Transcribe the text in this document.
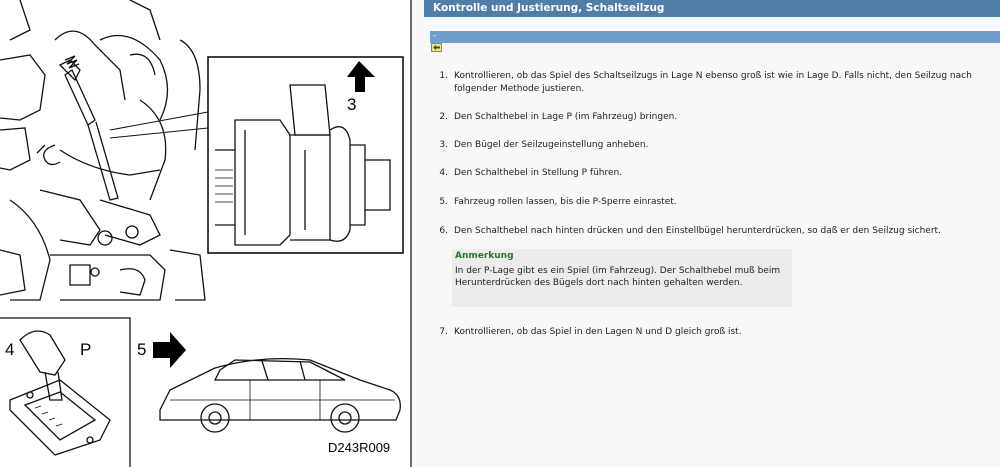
3
4	P	5
D243R009
Kontrolle und Justierung, Schaltseilzug
-
1. Kontrollieren, ob das Spiel des Schaltseilzugs in Lage N ebenso groß ist wie in Lage D. Falls nicht, den Seilzug nach folgender Methode justieren.
2. Den Schalthebel in Lage P (im Fahrzeug) bringen.
3. Den Bügel der Seilzugeinstellung anheben.
4. Den Schalthebel in Stellung P führen.
5. Fahrzeug rollen lassen, bis die P-Sperre einrastet.
6. Den Schalthebel nach hinten drücken und den Einstellbügel herunterdrücken, so daß er den Seilzug sichert.
Anmerkung
In der P-Lage gibt es ein Spiel (im Fahrzeug). Der Schalthebel muß beim Herunterdrücken des Bügels dort nach hinten gehalten werden.
7. Kontrollieren, ob das Spiel in den Lagen N und D gleich groß ist.
